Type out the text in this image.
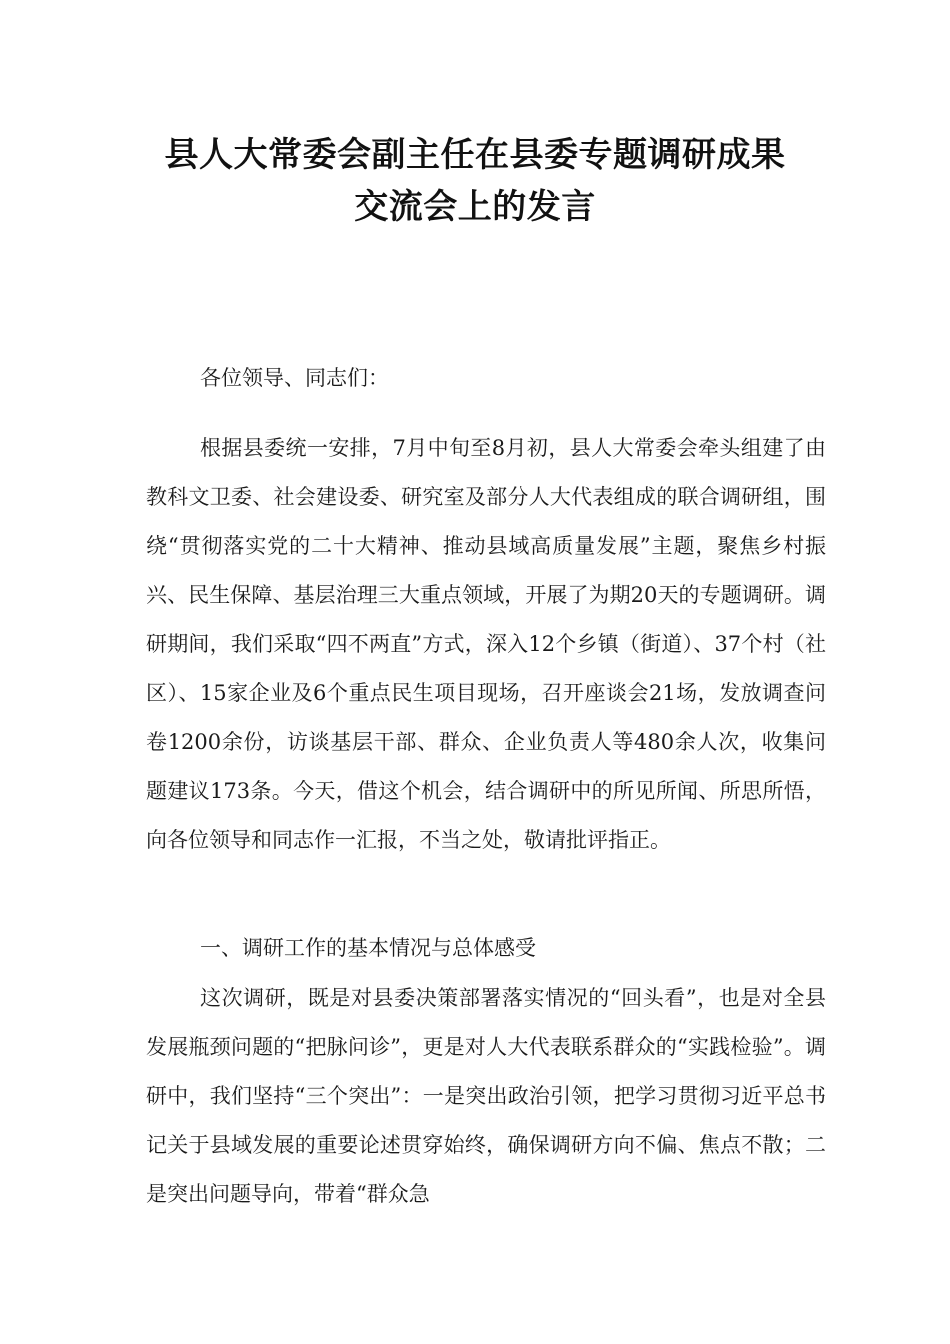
县人大常委会副主任在县委专题调研成果
交流会上的发言
各位领导、同志们：
根据县委统一安排，7月中旬至8月初，县人大常委会牵头组建了由教科文卫委、社会建设委、研究室及部分人大代表组成的联合调研组，围绕“贯彻落实党的二十大精神、推动县域高质量发展”主题，聚焦乡村振兴、民生保障、基层治理三大重点领域，开展了为期20天的专题调研。调研期间，我们采取“四不两直”方式，深入12个乡镇（街道）、37个村（社区）、15家企业及6个重点民生项目现场，召开座谈会21场，发放调查问卷1200余份，访谈基层干部、群众、企业负责人等480余人次，收集问题建议173条。今天，借这个机会，结合调研中的所见所闻、所思所悟，向各位领导和同志作一汇报，不当之处，敬请批评指正。
一、调研工作的基本情况与总体感受
这次调研，既是对县委决策部署落实情况的“回头看”，也是对全县发展瓶颈问题的“把脉问诊”，更是对人大代表联系群众的“实践检验”。调研中，我们坚持“三个突出”：一是突出政治引领，把学习贯彻习近平总书记关于县域发展的重要论述贯穿始终，确保调研方向不偏、焦点不散；二是突出问题导向，带着“群众急
